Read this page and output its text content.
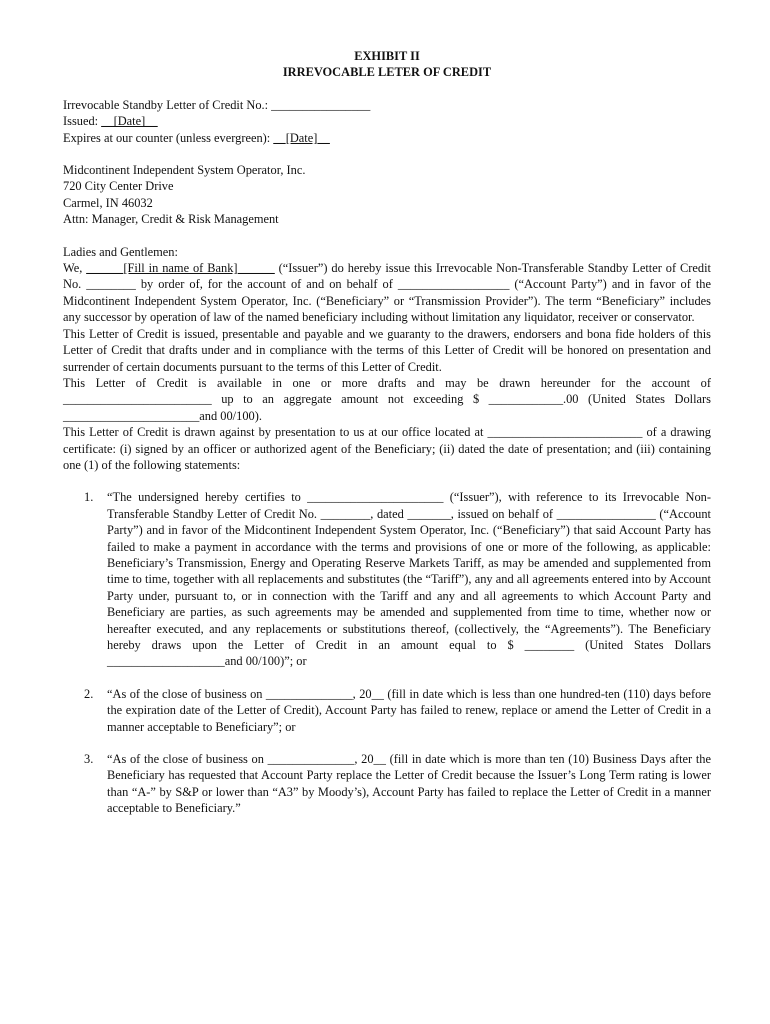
EXHIBIT II

IRREVOCABLE LETER OF CREDIT

Irrevocable Standby Letter of Credit No.: ________________

Issued: __[Date]__

Expires at our counter (unless evergreen): __[Date]__

Midcontinent Independent System Operator, Inc.

720 City Center Drive

Carmel, IN 46032

Attn: Manager, Credit & Risk Management

Ladies and Gentlemen:

We, ______[Fill in name of Bank]______ (“Issuer”) do hereby issue this Irrevocable Non-Transferable Standby Letter of Credit No. ________ by order of, for the account of and on behalf of __________________ (“Account Party”) and in favor of the Midcontinent Independent System Operator, Inc. (“Beneficiary” or “Transmission Provider”). The term “Beneficiary” includes any successor by operation of law of the named beneficiary including without limitation any liquidator, receiver or conservator.

This Letter of Credit is issued, presentable and payable and we guaranty to the drawers, endorsers and bona fide holders of this Letter of Credit that drafts under and in compliance with the terms of this Letter of Credit will be honored on presentation and surrender of certain documents pursuant to the terms of this Letter of Credit.

This Letter of Credit is available in one or more drafts and may be drawn hereunder for the account of ________________________ up to an aggregate amount not exceeding $ ____________.00 (United States Dollars ______________________and 00/100).

This Letter of Credit is drawn against by presentation to us at our office located at _________________________ of a drawing certificate: (i) signed by an officer or authorized agent of the Beneficiary; (ii) dated the date of presentation; and (iii) containing one (1) of the following statements:

1. “The undersigned hereby certifies to ______________________ (“Issuer”), with reference to its Irrevocable Non-Transferable Standby Letter of Credit No. ________, dated _______, issued on behalf of ________________ (“Account Party”) and in favor of the Midcontinent Independent System Operator, Inc. (“Beneficiary”) that said Account Party has failed to make a payment in accordance with the terms and provisions of one or more of the following, as applicable: Beneficiary’s Transmission, Energy and Operating Reserve Markets Tariff, as may be amended and supplemented from time to time, together with all replacements and substitutes (the “Tariff”), any and all agreements entered into by Account Party under, pursuant to, or in connection with the Tariff and any and all agreements to which Account Party and Beneficiary are parties, as such agreements may be amended and supplemented from time to time, whether now or hereafter executed, and any replacements or substitutions thereof, (collectively, the “Agreements”). The Beneficiary hereby draws upon the Letter of Credit in an amount equal to $ ________ (United States Dollars ___________________and 00/100)”; or
2. “As of the close of business on ______________, 20__ (fill in date which is less than one hundred-ten (110) days before the expiration date of the Letter of Credit), Account Party has failed to renew, replace or amend the Letter of Credit in a manner acceptable to Beneficiary”; or
3. “As of the close of business on ______________, 20__ (fill in date which is more than ten (10) Business Days after the Beneficiary has requested that Account Party replace the Letter of Credit because the Issuer’s Long Term rating is lower than “A-” by S&P or lower than “A3” by Moody’s), Account Party has failed to replace the Letter of Credit in a manner acceptable to Beneficiary.”
